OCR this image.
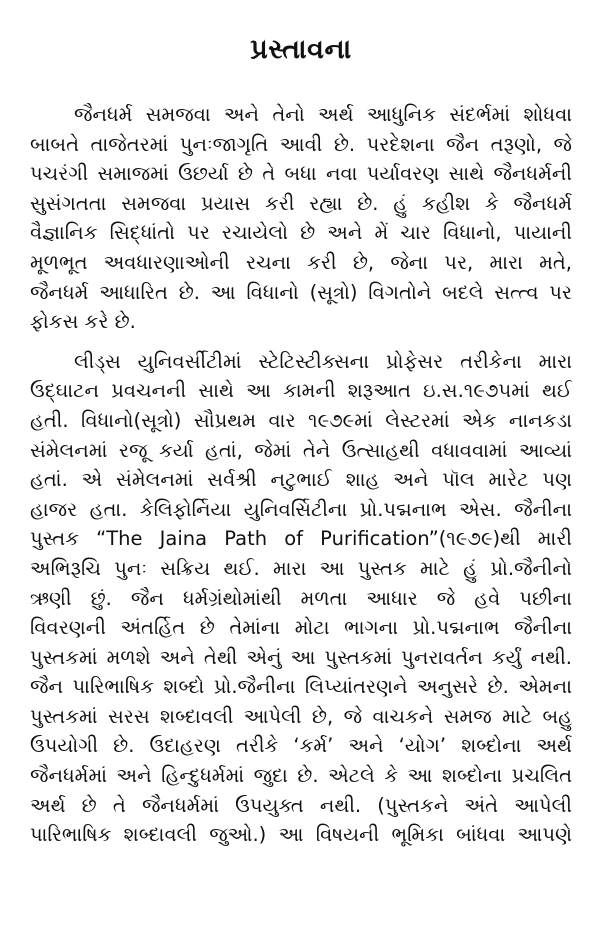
પ્રસ્તાવના

જૈનધર્મ સમજવા અને તેનો અર્થ આધુનિક સંદર્ભમાં શોધવા
બાબતે તાજેતરમાં પુનઃજાગૃતિ આવી છે. પરદેશના જૈન તરૂણો, જે
પચરંગી સમાજમાં ઉછર્યા છે તે બધા નવા પર્યાવરણ સાથે જૈનધર્મની
સુસંગતતા સમજવા પ્રયાસ કરી રહ્યા છે. હું કહીશ કે જૈનધર્મ
વૈજ્ઞાનિક સિદ્ધાંતો પર રચાયેલો છે અને મેં ચાર વિધાનો, પાયાની
મૂળભૂત અવધારણાઓની રચના કરી છે, જેના પર, મારા મતે,
જૈનધર્મ આધારિત છે. આ વિધાનો (સૂત્રો) વિગતોને બદલે સત્ત્વ પર
ફોકસ કરે છે.

લીડ્સ યુનિવર્સીટીમાં સ્ટેટિસ્ટીક્સના પ્રોફેસર તરીકેના મારા
ઉદ્‌ઘાટન પ્રવચનની સાથે આ કામની શરૂઆત ઇ.સ.૧૯૭૫માં થઈ
હતી. વિધાનો(સૂત્રો) સૌપ્રથમ વાર ૧૯૭૯માં લેસ્ટરમાં એક નાનકડા
સંમેલનમાં રજૂ કર્યા હતાં, જેમાં તેને ઉત્સાહથી વધાવવામાં આવ્યાં
હતાં. એ સંમેલનમાં સર્વશ્રી નટુભાઈ શાહ અને પૉલ મારેટ પણ
હાજર હતા. કેલિફોર્નિયા યુનિવર્સિટીના પ્રો.પદ્મનાભ એસ. જૈનીના
પુસ્તક “The Jaina Path of Purification”(૧૯૭૯)થી મારી
અભિરૂચિ પુનઃ સક્રિય થઈ. મારા આ પુસ્તક માટે હું પ્રો.જૈનીનો
ઋણી છું. જૈન ધર્મગ્રંથોમાંથી મળતા આધાર જે હવે પછીના
વિવરણની અંતર્હિત છે તેમાંના મોટા ભાગના પ્રો.પદ્મનાભ જૈનીના
પુસ્તકમાં મળશે અને તેથી એનું આ પુસ્તકમાં પુનરાવર્તન કર્યું નથી.
જૈન પારિભાષિક શબ્દો પ્રો.જૈનીના લિપ્યાંતરણને અનુસરે છે. એમના
પુસ્તકમાં સરસ શબ્દાવલી આપેલી છે, જે વાચકને સમજ માટે બહુ
ઉપયોગી છે. ઉદાહરણ તરીકે ‘કર્મ’ અને ‘યોગ’ શબ્દોના અર્થ
જૈનધર્મમાં અને હિન્દુધર્મમાં જુદા છે. એટલે કે આ શબ્દોના પ્રચલિત
અર્થ છે તે જૈનધર્મમાં ઉપયુક્ત નથી. (પુસ્તકને અંતે આપેલી
પારિભાષિક શબ્દાવલી જુઓ.) આ વિષયની ભૂમિકા બાંધવા આપણે
